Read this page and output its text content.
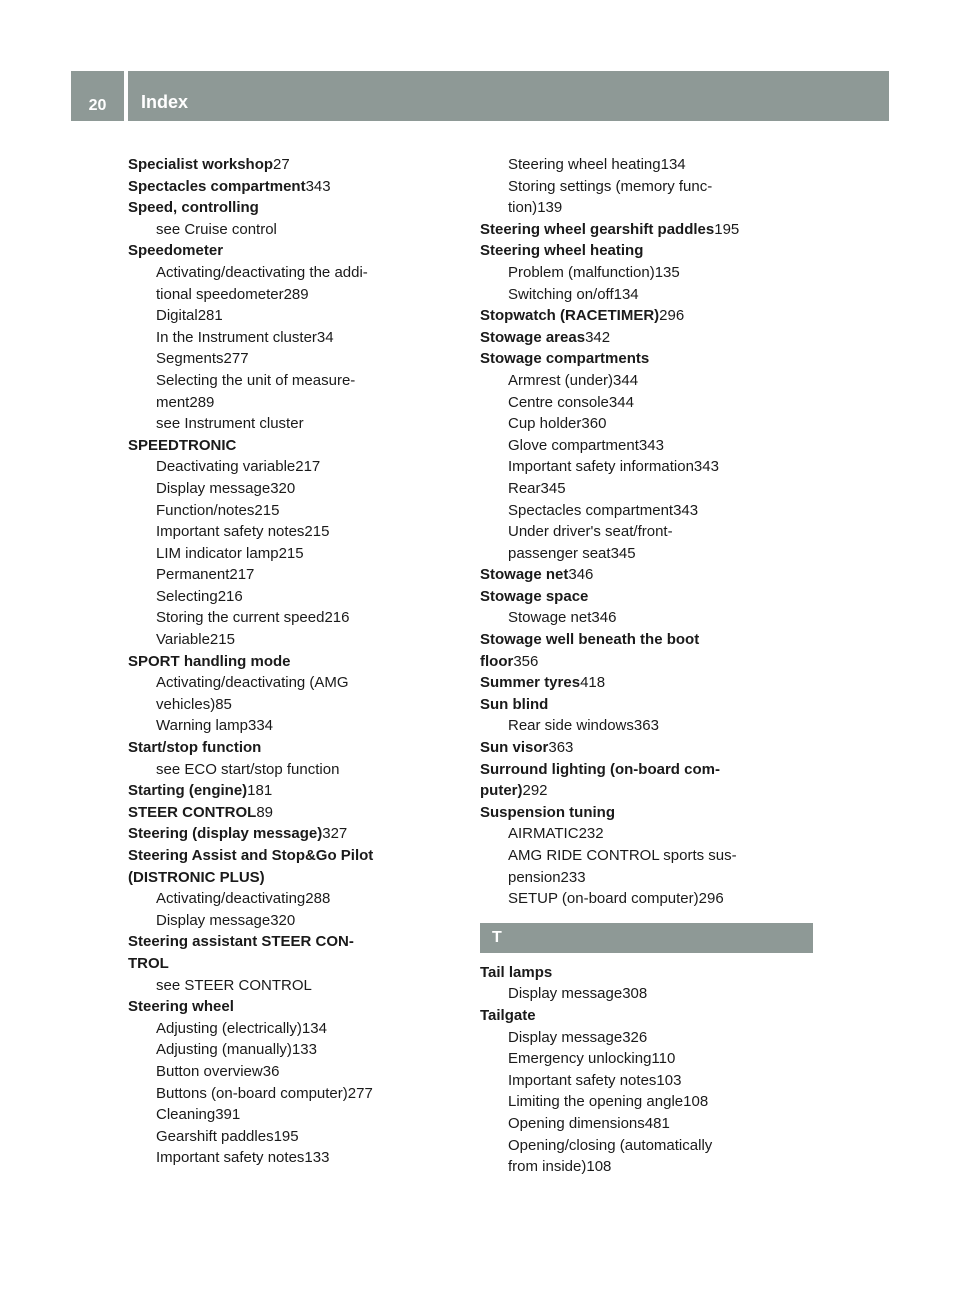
20	Index
Specialist workshop 27
Spectacles compartment 343
Speed, controlling
see Cruise control
Speedometer
Activating/deactivating the addi-
tional speedometer 289
Digital 281
In the Instrument cluster 34
Segments 277
Selecting the unit of measure-
ment 289
see Instrument cluster
SPEEDTRONIC
Deactivating variable 217
Display message 320
Function/notes 215
Important safety notes 215
LIM indicator lamp 215
Permanent 217
Selecting 216
Storing the current speed 216
Variable 215
SPORT handling mode
Activating/deactivating (AMG
vehicles) 85
Warning lamp 334
Start/stop function
see ECO start/stop function
Starting (engine) 181
STEER CONTROL 89
Steering (display message) 327
Steering Assist and Stop&Go Pilot
(DISTRONIC PLUS)
Activating/deactivating 288
Display message 320
Steering assistant STEER CON-
TROL
see STEER CONTROL
Steering wheel
Adjusting (electrically) 134
Adjusting (manually) 133
Button overview 36
Buttons (on-board computer) 277
Cleaning 391
Gearshift paddles 195
Important safety notes 133
Steering wheel heating 134
Storing settings (memory func-
tion) 139
Steering wheel gearshift paddles 195
Steering wheel heating
Problem (malfunction) 135
Switching on/off 134
Stopwatch (RACETIMER) 296
Stowage areas 342
Stowage compartments
Armrest (under) 344
Centre console 344
Cup holder 360
Glove compartment 343
Important safety information 343
Rear 345
Spectacles compartment 343
Under driver's seat/front-
passenger seat 345
Stowage net 346
Stowage space
Stowage net 346
Stowage well beneath the boot
floor 356
Summer tyres 418
Sun blind
Rear side windows 363
Sun visor 363
Surround lighting (on-board com-
puter) 292
Suspension tuning
AIRMATIC 232
AMG RIDE CONTROL sports sus-
pension 233
SETUP (on-board computer) 296
T
Tail lamps
Display message 308
Tailgate
Display message 326
Emergency unlocking 110
Important safety notes 103
Limiting the opening angle 108
Opening dimensions 481
Opening/closing (automatically
from inside) 108
